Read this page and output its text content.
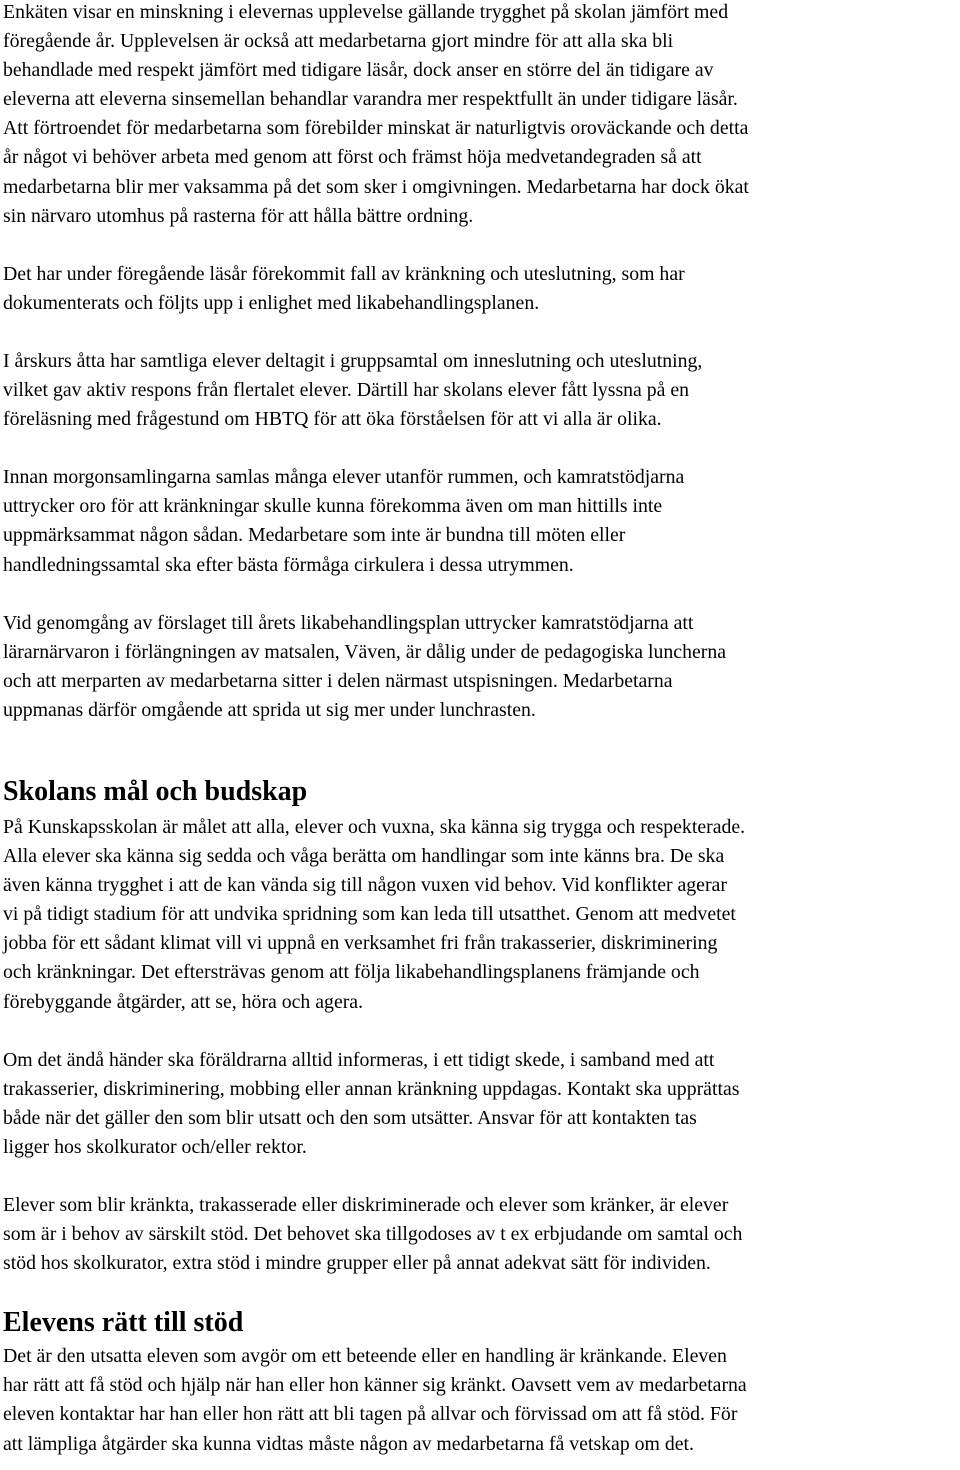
Enkäten visar en minskning i elevernas upplevelse gällande trygghet på skolan jämfört med
föregående år. Upplevelsen är också att medarbetarna gjort mindre för att alla ska bli
behandlade med respekt jämfört med tidigare läsår, dock anser en större del än tidigare av
eleverna att eleverna sinsemellan behandlar varandra mer respektfullt än under tidigare läsår.
Att förtroendet för medarbetarna som förebilder minskat är naturligtvis oroväckande och detta
år något vi behöver arbeta med genom att först och främst höja medvetandegraden så att
medarbetarna blir mer vaksamma på det som sker i omgivningen. Medarbetarna har dock ökat
sin närvaro utomhus på rasterna för att hålla bättre ordning.

Det har under föregående läsår förekommit fall av kränkning och uteslutning, som har
dokumenterats och följts upp i enlighet med likabehandlingsplanen.

I årskurs åtta har samtliga elever deltagit i gruppsamtal om inneslutning och uteslutning,
vilket gav aktiv respons från flertalet elever. Därtill har skolans elever fått lyssna på en
föreläsning med frågestund om HBTQ för att öka förståelsen för att vi alla är olika.

Innan morgonsamlingarna samlas många elever utanför rummen, och kamratstödjarna
uttrycker oro för att kränkningar skulle kunna förekomma även om man hittills inte
uppmärksammat någon sådan. Medarbetare som inte är bundna till möten eller
handledningssamtal ska efter bästa förmåga cirkulera i dessa utrymmen.

Vid genomgång av förslaget till årets likabehandlingsplan uttrycker kamratstödjarna att
lärarnärvaron i förlängningen av matsalen, Väven, är dålig under de pedagogiska luncherna
och att merparten av medarbetarna sitter i delen närmast utspisningen. Medarbetarna
uppmanas därför omgående att sprida ut sig mer under lunchrasten.

Skolans mål och budskap

På Kunskapsskolan är målet att alla, elever och vuxna, ska känna sig trygga och respekterade.
Alla elever ska känna sig sedda och våga berätta om handlingar som inte känns bra. De ska
även känna trygghet i att de kan vända sig till någon vuxen vid behov. Vid konflikter agerar
vi på tidigt stadium för att undvika spridning som kan leda till utsatthet. Genom att medvetet
jobba för ett sådant klimat vill vi uppnå en verksamhet fri från trakasserier, diskriminering
och kränkningar. Det eftersträvas genom att följa likabehandlingsplanens främjande och
förebyggande åtgärder, att se, höra och agera.

Om det ändå händer ska föräldrarna alltid informeras, i ett tidigt skede, i samband med att
trakasserier, diskriminering, mobbing eller annan kränkning uppdagas. Kontakt ska upprättas
både när det gäller den som blir utsatt och den som utsätter. Ansvar för att kontakten tas
ligger hos skolkurator och/eller rektor.

Elever som blir kränkta, trakasserade eller diskriminerade och elever som kränker, är elever
som är i behov av särskilt stöd. Det behovet ska tillgodoses av t ex erbjudande om samtal och
stöd hos skolkurator, extra stöd i mindre grupper eller på annat adekvat sätt för individen.

Elevens rätt till stöd

Det är den utsatta eleven som avgör om ett beteende eller en handling är kränkande. Eleven
har rätt att få stöd och hjälp när han eller hon känner sig kränkt. Oavsett vem av medarbetarna
eleven kontaktar har han eller hon rätt att bli tagen på allvar och förvissad om att få stöd. För
att lämpliga åtgärder ska kunna vidtas måste någon av medarbetarna få vetskap om det.
